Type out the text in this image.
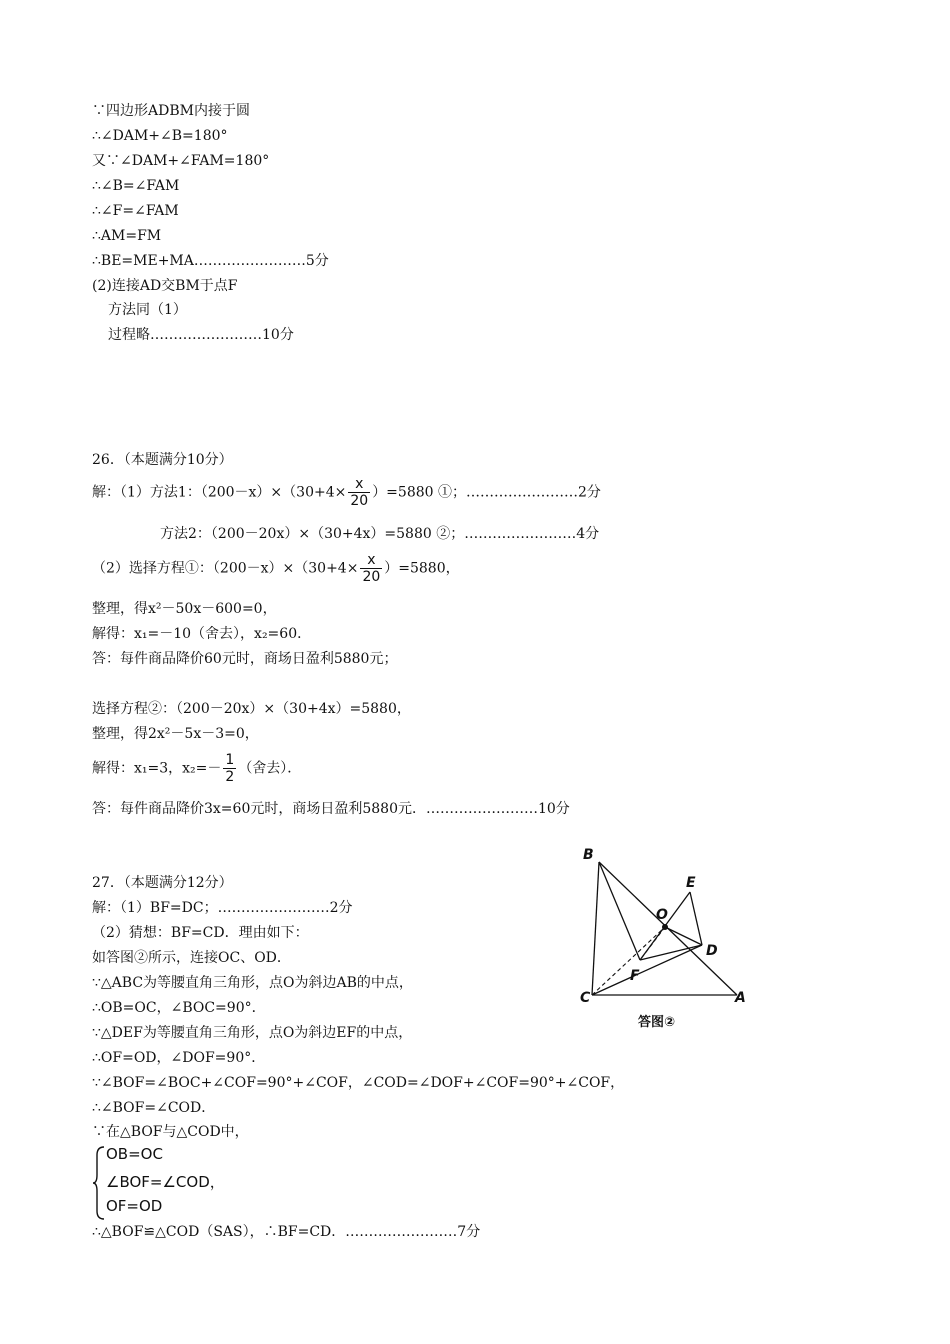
∵四边形ADBM内接于圆
∴∠DAM+∠B=180°
又∵∠DAM+∠FAM=180°
∴∠B=∠FAM
∴∠F=∠FAM
∴AM=FM
∴BE=ME+MA……………………5分
(2)连接AD交BM于点F
方法同（1）
过程略……………………10分
26．（本题满分10分）
解：（1）方法1：$(200-x)\times(30+4\times \frac{x}{20} )=5880$ ①；……………………2分
方法2：（200－20x）×（30+4x）=5880 ②；……………………4分
（2）选择方程①：$(200-x)\times(30+4\times \frac{x}{20} )=5880$，
整理，得x²－50x－600=0，
解得：x₁=－10（舍去），x₂=60．
答：每件商品降价60元时，商场日盈利5880元；
选择方程②：（200－20x）×（30+4x）=5880，
整理，得2x²－5x－3=0，
解得：x₁=3，$x_2=- \frac{1}{2}$ （舍去）．
答：每件商品降价3x=60元时，商场日盈利5880元．……………………10分
27．（本题满分12分）
解：（1）BF=DC；……………………2分
（2）猜想：BF=CD．理由如下：
如答图②所示，连接OC、OD．
∵△ABC为等腰直角三角形，点O为斜边AB的中点，
∴OB=OC，∠BOC=90°．
∵△DEF为等腰直角三角形，点O为斜边EF的中点，
∴OF=OD，∠DOF=90°．
∵∠BOF=∠BOC+∠COF=90°+∠COF，∠COD=∠DOF+∠COF=90°+∠COF，
∴∠BOF=∠COD．
∵在△BOF与△COD中，
OB=OC
∠BOF=∠COD，
OF=OD
∴△BOF≌△COD（SAS），∴BF=CD．……………………7分
B
E
O
D
F
C	A
答图②
